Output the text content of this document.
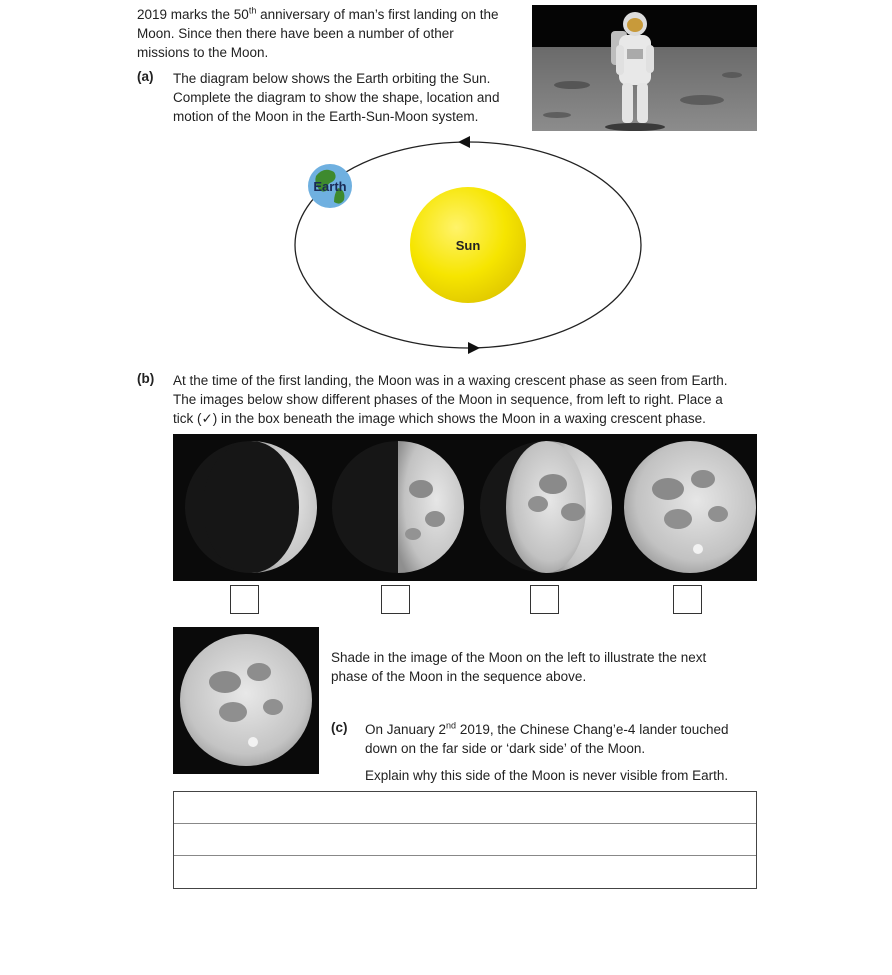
2019 marks the 50th anniversary of man’s first landing on the
Moon. Since then there have been a number of other
missions to the Moon.
(a) The diagram below shows the Earth orbiting the Sun.
Complete the diagram to show the shape, location and
motion of the Moon in the Earth-Sun-Moon system.
Sun
Earth
(b) At the time of the first landing, the Moon was in a waxing crescent phase as seen from Earth.
The images below show different phases of the Moon in sequence, from left to right. Place a
tick (✓) in the box beneath the image which shows the Moon in a waxing crescent phase.
Shade in the image of the Moon on the left to illustrate the next
phase of the Moon in the sequence above.
(c) On January 2nd 2019, the Chinese Chang’e-4 lander touched
down on the far side or ‘dark side’ of the Moon.
Explain why this side of the Moon is never visible from Earth.
